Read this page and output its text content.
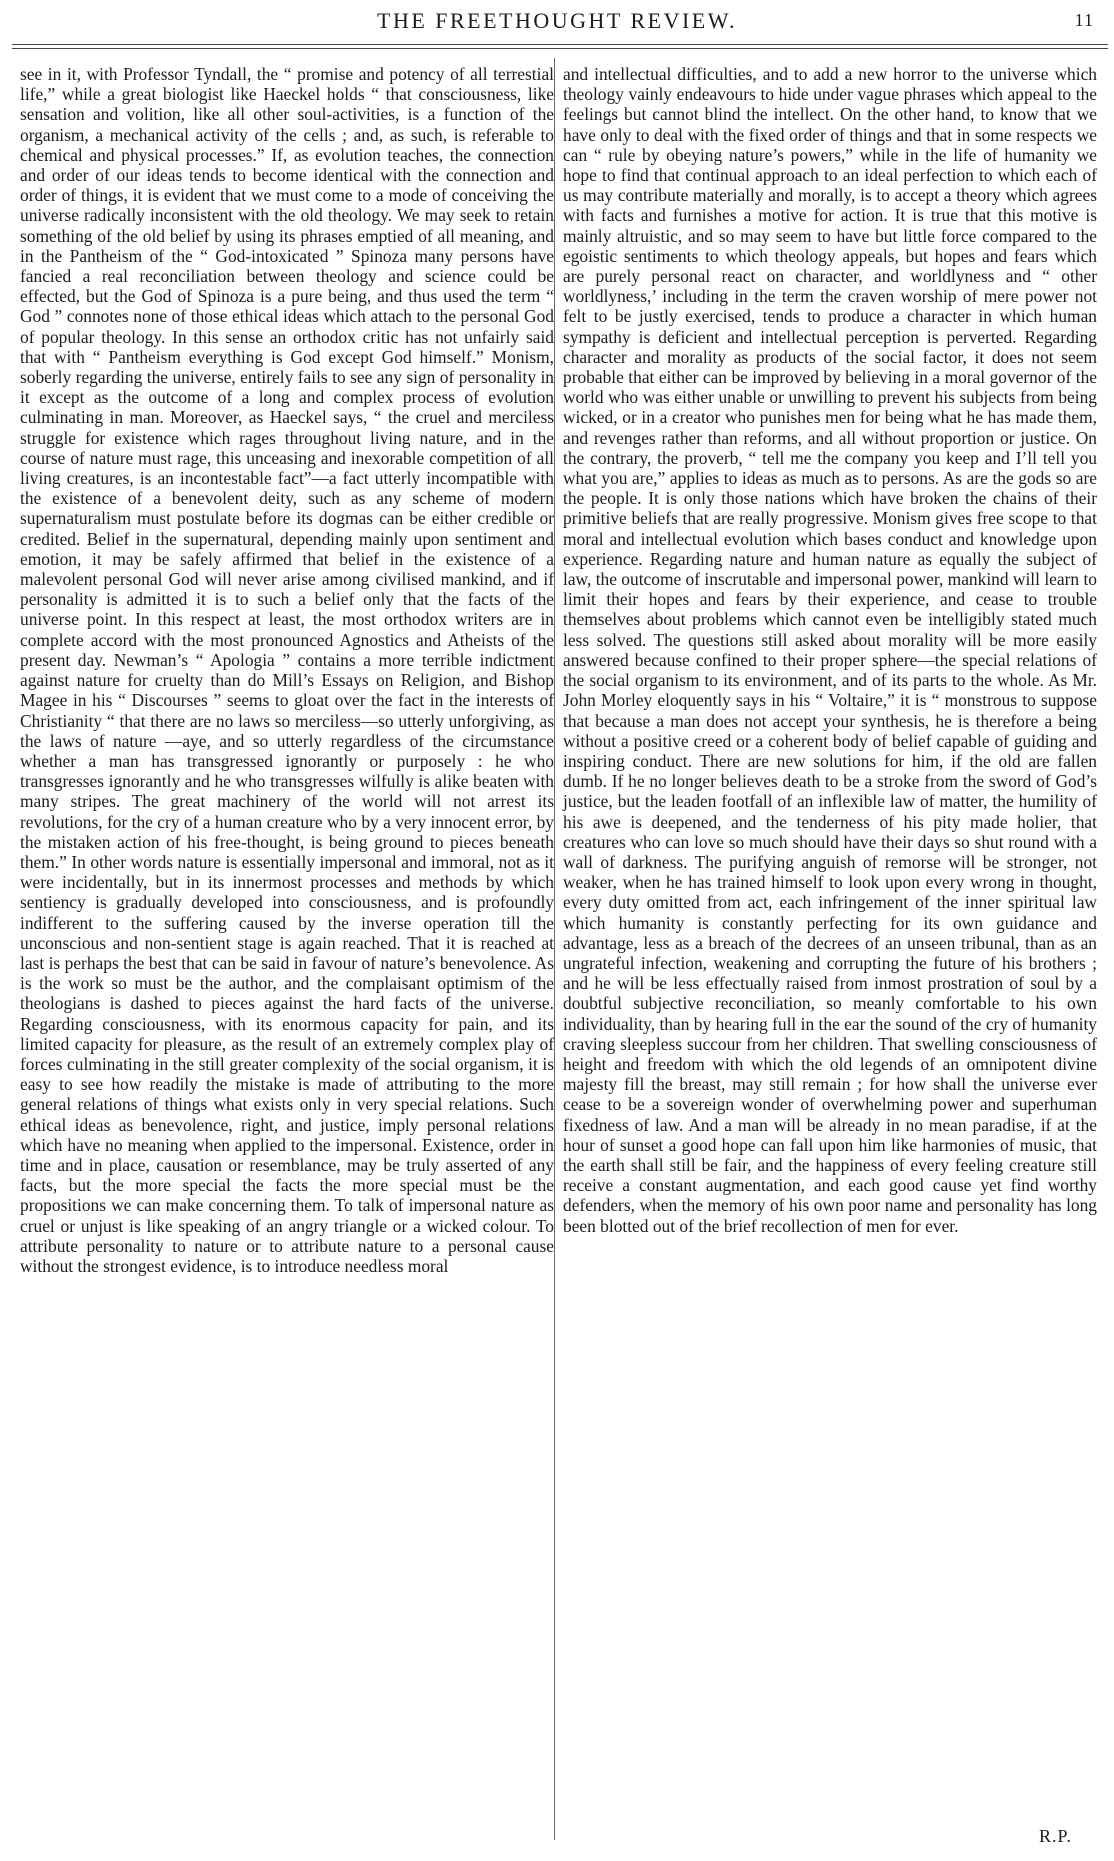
THE FREETHOUGHT REVIEW.	11

see in it, with Professor Tyndall, the “ promise and potency of all terrestial life,” while a great biologist like Haeckel holds “ that consciousness, like sensation and volition, like all other soul-activities, is a function of the organism, a mechanical activity of the cells ; and, as such, is referable to chemical and physical processes.” If, as evolution teaches, the connection and order of our ideas tends to become identical with the connection and order of things, it is evident that we must come to a mode of conceiving the universe radically inconsistent with the old theology. We may seek to retain something of the old belief by using its phrases emptied of all meaning, and in the Pantheism of the “ God-intoxicated ” Spinoza many persons have fancied a real reconciliation between theology and science could be effected, but the God of Spinoza is a pure being, and thus used the term “ God ” connotes none of those ethical ideas which attach to the personal God of popular theology. In this sense an orthodox critic has not unfairly said that with “ Pantheism everything is God except God himself.” Monism, soberly regarding the universe, entirely fails to see any sign of personality in it except as the outcome of a long and complex process of evolution culminating in man. Moreover, as Haeckel says, “ the cruel and merciless struggle for existence which rages throughout living nature, and in the course of nature must rage, this unceasing and inexorable competition of all living creatures, is an incontestable fact”—a fact utterly incompatible with the existence of a benevolent deity, such as any scheme of modern supernaturalism must postulate before its dogmas can be either credible or credited. Belief in the supernatural, depending mainly upon sentiment and emotion, it may be safely affirmed that belief in the existence of a malevolent personal God will never arise among civilised mankind, and if personality is admitted it is to such a belief only that the facts of the universe point. In this respect at least, the most orthodox writers are in complete accord with the most pronounced Agnostics and Atheists of the present day. Newman’s “ Apologia ” contains a more terrible indictment against nature for cruelty than do Mill’s Essays on Religion, and Bishop Magee in his “ Discourses ” seems to gloat over the fact in the interests of Christianity “ that there are no laws so merciless—so utterly unforgiving, as the laws of nature —aye, and so utterly regardless of the circumstance whether a man has transgressed ignorantly or purposely : he who transgresses ignorantly and he who transgresses wilfully is alike beaten with many stripes. The great machinery of the world will not arrest its revolutions, for the cry of a human creature who by a very innocent error, by the mistaken action of his free-thought, is being ground to pieces beneath them.” In other words nature is essentially impersonal and immoral, not as it were incidentally, but in its innermost processes and methods by which sentiency is gradually developed into consciousness, and is profoundly indifferent to the suffering caused by the inverse operation till the unconscious and non-sentient stage is again reached. That it is reached at last is perhaps the best that can be said in favour of nature’s benevolence. As is the work so must be the author, and the complaisant optimism of the theologians is dashed to pieces against the hard facts of the universe. Regarding consciousness, with its enormous capacity for pain, and its limited capacity for pleasure, as the result of an extremely complex play of forces culminating in the still greater complexity of the social organism, it is easy to see how readily the mistake is made of attributing to the more general relations of things what exists only in very special relations. Such ethical ideas as benevolence, right, and justice, imply personal relations which have no meaning when applied to the impersonal. Existence, order in time and in place, causation or resemblance, may be truly asserted of any facts, but the more special the facts the more special must be the propositions we can make concerning them. To talk of impersonal nature as cruel or unjust is like speaking of an angry triangle or a wicked colour. To attribute personality to nature or to attribute nature to a personal cause without the strongest evidence, is to introduce needless moral

and intellectual difficulties, and to add a new horror to the universe which theology vainly endeavours to hide under vague phrases which appeal to the feelings but cannot blind the intellect. On the other hand, to know that we have only to deal with the fixed order of things and that in some respects we can “ rule by obeying nature’s powers,” while in the life of humanity we hope to find that continual approach to an ideal perfection to which each of us may contribute materially and morally, is to accept a theory which agrees with facts and furnishes a motive for action. It is true that this motive is mainly altruistic, and so may seem to have but little force compared to the egoistic sentiments to which theology appeals, but hopes and fears which are purely personal react on character, and worldlyness and “ other worldlyness,’ including in the term the craven worship of mere power not felt to be justly exercised, tends to produce a character in which human sympathy is deficient and intellectual perception is perverted. Regarding character and morality as products of the social factor, it does not seem probable that either can be improved by believing in a moral governor of the world who was either unable or unwilling to prevent his subjects from being wicked, or in a creator who punishes men for being what he has made them, and revenges rather than reforms, and all without proportion or justice. On the contrary, the proverb, “ tell me the company you keep and I’ll tell you what you are,” applies to ideas as much as to persons. As are the gods so are the people. It is only those nations which have broken the chains of their primitive beliefs that are really progressive. Monism gives free scope to that moral and intellectual evolution which bases conduct and knowledge upon experience. Regarding nature and human nature as equally the subject of law, the outcome of inscrutable and impersonal power, mankind will learn to limit their hopes and fears by their experience, and cease to trouble themselves about problems which cannot even be intelligibly stated much less solved. The questions still asked about morality will be more easily answered because confined to their proper sphere—the special relations of the social organism to its environment, and of its parts to the whole. As Mr. John Morley eloquently says in his “ Voltaire,” it is “ monstrous to suppose that because a man does not accept your synthesis, he is therefore a being without a positive creed or a coherent body of belief capable of guiding and inspiring conduct. There are new solutions for him, if the old are fallen dumb. If he no longer believes death to be a stroke from the sword of God’s justice, but the leaden footfall of an inflexible law of matter, the humility of his awe is deepened, and the tenderness of his pity made holier, that creatures who can love so much should have their days so shut round with a wall of darkness. The purifying anguish of remorse will be stronger, not weaker, when he has trained himself to look upon every wrong in thought, every duty omitted from act, each infringement of the inner spiritual law which humanity is constantly perfecting for its own guidance and advantage, less as a breach of the decrees of an unseen tribunal, than as an ungrateful infection, weakening and corrupting the future of his brothers ; and he will be less effectually raised from inmost prostration of soul by a doubtful subjective reconciliation, so meanly comfortable to his own individuality, than by hearing full in the ear the sound of the cry of humanity craving sleepless succour from her children. That swelling consciousness of height and freedom with which the old legends of an omnipotent divine majesty fill the breast, may still remain ; for how shall the universe ever cease to be a sovereign wonder of overwhelming power and superhuman fixedness of law. And a man will be already in no mean paradise, if at the hour of sunset a good hope can fall upon him like harmonies of music, that the earth shall still be fair, and the happiness of every feeling creature still receive a constant augmentation, and each good cause yet find worthy defenders, when the memory of his own poor name and personality has long been blotted out of the brief recollection of men for ever.

R.P.
